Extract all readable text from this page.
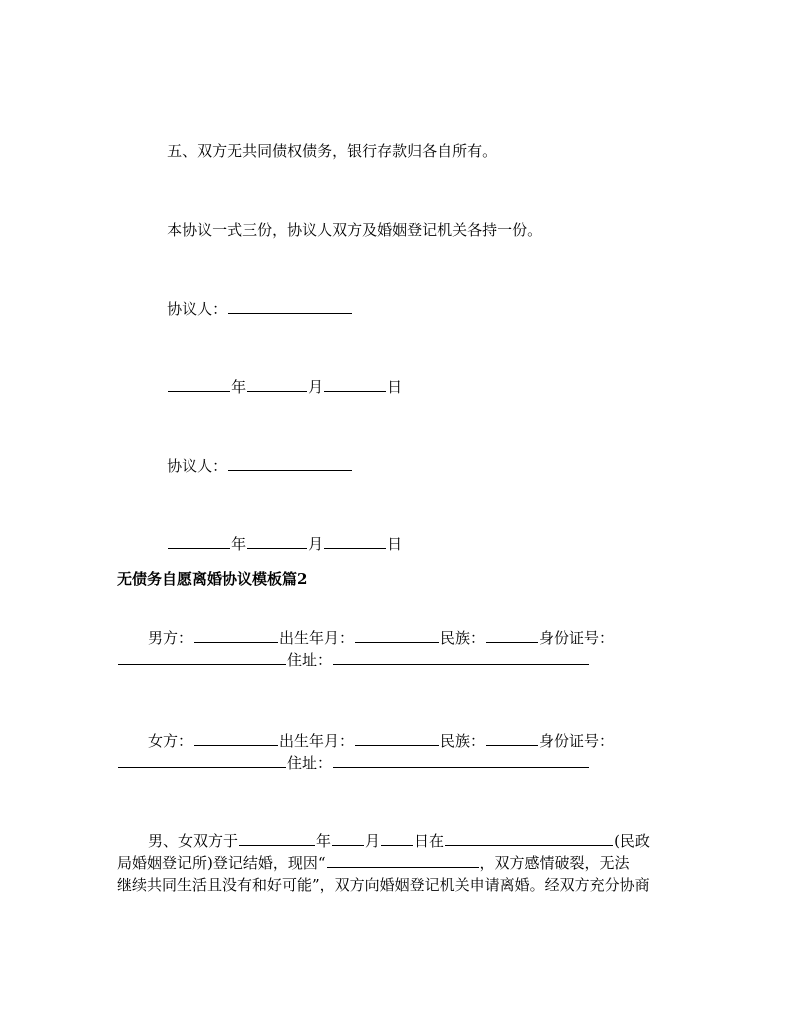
五、双方无共同债权债务，银行存款归各自所有。

本协议一式三份，协议人双方及婚姻登记机关各持一份。

协议人：

年	月	日

协议人：

年	月	日

无债务自愿离婚协议模板篇2
男方：	出生年月：	民族：	身份证号：
住址：
女方：	出生年月：	民族：	身份证号：
住址：
男、女双方于	年 月 日在	(民政
局婚姻登记所)登记结婚，现因“	，双方感情破裂，无法
继续共同生活且没有和好可能”，双方向婚姻登记机关申请离婚。经双方充分协商
